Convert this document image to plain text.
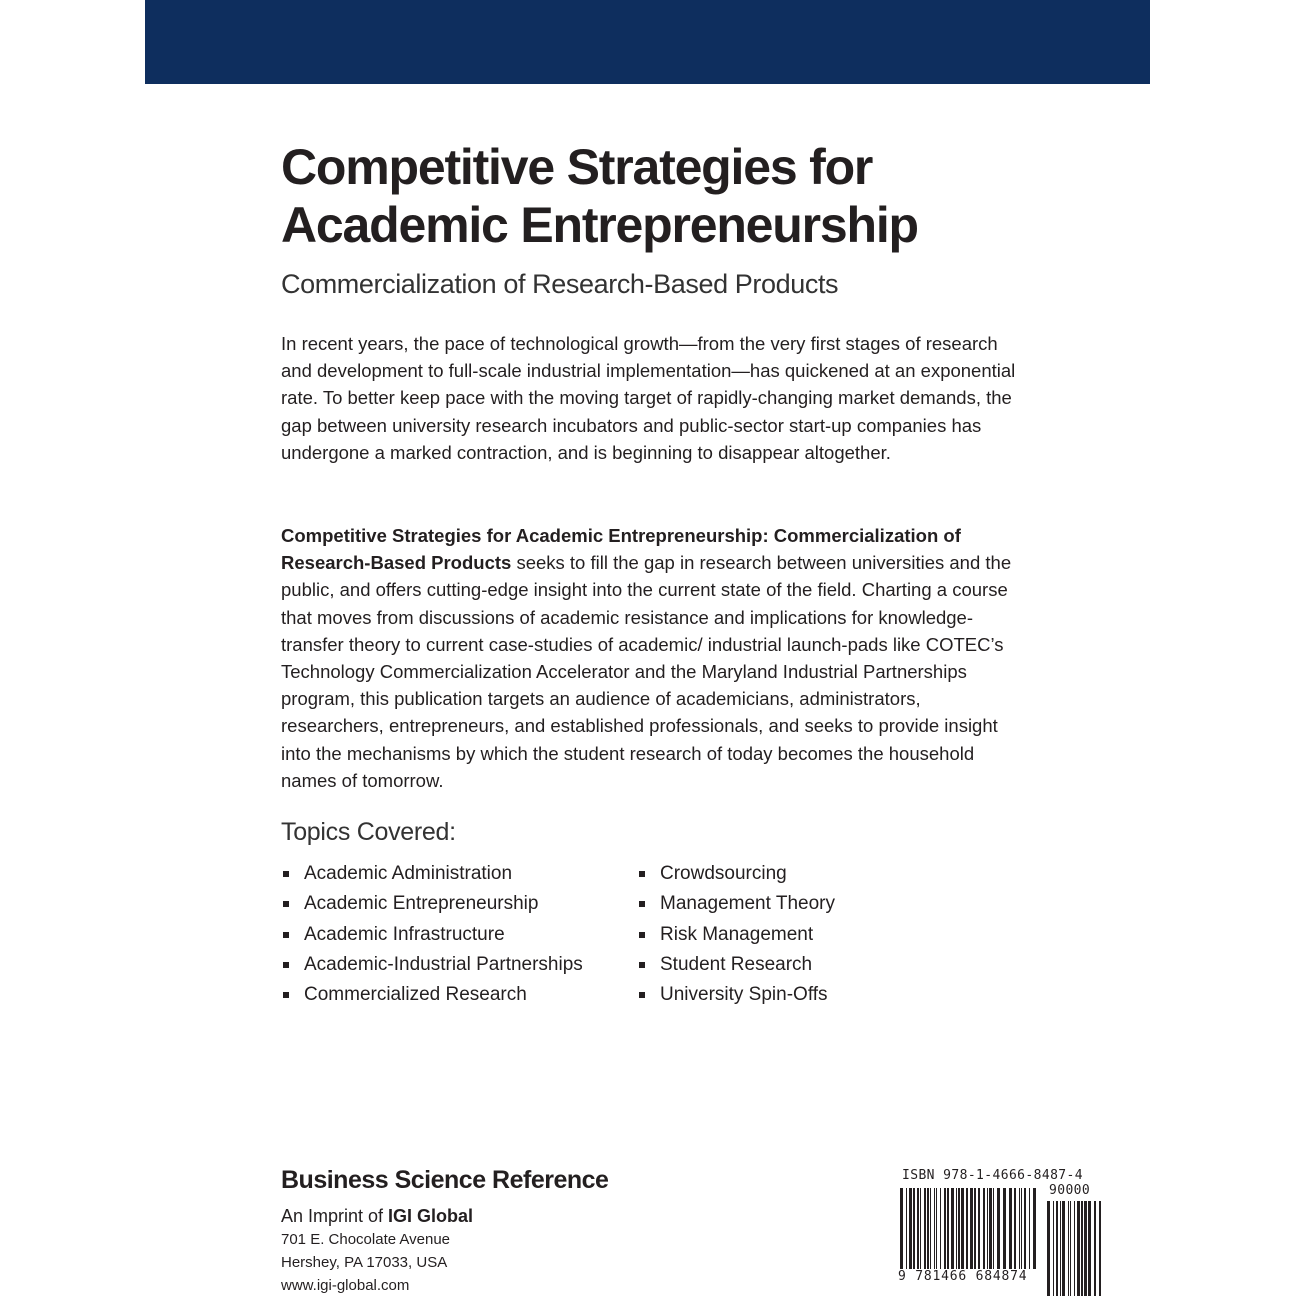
Competitive Strategies for
Academic Entrepreneurship

Commercialization of Research-Based Products

In recent years, the pace of technological growth—from the very first stages of research and development to full-scale industrial implementation—has quickened at an exponential rate. To better keep pace with the moving target of rapidly-changing market demands, the gap between university research incubators and public-sector start-up companies has undergone a marked contraction, and is beginning to disappear altogether.

Competitive Strategies for Academic Entrepreneurship: Commercialization of Research-Based Products seeks to fill the gap in research between universities and the public, and offers cutting-edge insight into the current state of the field. Charting a course that moves from discussions of academic resistance and implications for knowledge-transfer theory to current case-studies of academic/ industrial launch-pads like COTEC’s Technology Commercialization Accelerator and the Maryland Industrial Partnerships program, this publication targets an audience of academicians, administrators, researchers, entrepreneurs, and established professionals, and seeks to provide insight into the mechanisms by which the student research of today becomes the household names of tomorrow.

Topics Covered:

Academic Administration
Academic Entrepreneurship
Academic Infrastructure
Academic-Industrial Partnerships
Commercialized Research
Crowdsourcing
Management Theory
Risk Management
Student Research
University Spin-Offs

Business Science Reference

An Imprint of IGI Global
701 E. Chocolate Avenue
Hershey, PA 17033, USA
www.igi-global.com
ISBN 978-1-4666-8487-4
90000
9 781466 684874
